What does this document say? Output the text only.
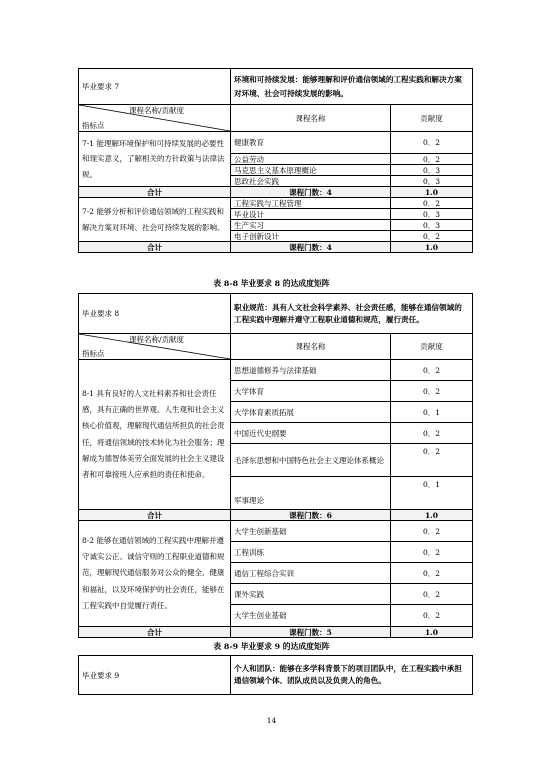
毕业要求 7	环境和可持续发展：能够理解和评价通信领域的工程实践和解决方案对环境、社会可持续发展的影响。	

课程名称/贡献度
指标点	课程名称	贡献度
7-1 能理解环境保护和可持续发展的必要性和现实意义，了解相关的方针政策与法律法规。	健康教育	0．2
	公益劳动	0．2
	马克思主义基本原理概论	0．3
	思政社会实践	0．3
合计	课程门数：4	1.0
7-2 能够分析和评价通信领域的工程实践和解决方案对环境、社会可持续发展的影响。	工程实践与工程管理	0．2
	毕业设计	0．3
	生产实习	0．3
	电子创新设计	0．2
合计	课程门数：4	1.0
表 8-8 毕业要求 8 的达成度矩阵
毕业要求 8	职业规范：具有人文社会科学素养、社会责任感，能够在通信领域的工程实践中理解并遵守工程职业道德和规范，履行责任。	

课程名称/贡献度
指标点	课程名称	贡献度
8-1 具有良好的人文社科素养和社会责任感，具有正确的世界观、人生观和社会主义核心价值观，理解现代通信所担负的社会责任，将通信领域的技术转化为社会服务；理解成为德智体美劳全面发展的社会主义建设者和可靠接班人应承担的责任和使命。	思想道德修养与法律基础	0．2
	大学体育	0．2
	大学体育素质拓展	0．1
	中国近代史纲要	0．2
	毛泽东思想和中国特色社会主义理论体系概论	0．2
	军事理论	0．1
合计	课程门数：6	1.0
8-2 能够在通信领域的工程实践中理解并遵守诚实公正、诚信守则的工程职业道德和规范，理解现代通信服务对公众的健全、健康和福祉，以及环境保护的社会责任，能够在工程实践中自觉履行责任。	大学生创新基础	0．2
	工程训练	0．2
	通信工程综合实训	0．2
	课外实践	0．2
	大学生创业基础	0．2
合计	课程门数：5	1.0
表 8-9 毕业要求 9 的达成度矩阵
毕业要求 9	个人和团队：能够在多学科背景下的项目团队中，在工程实践中承担通信领域个体、团队成员以及负责人的角色。
14
